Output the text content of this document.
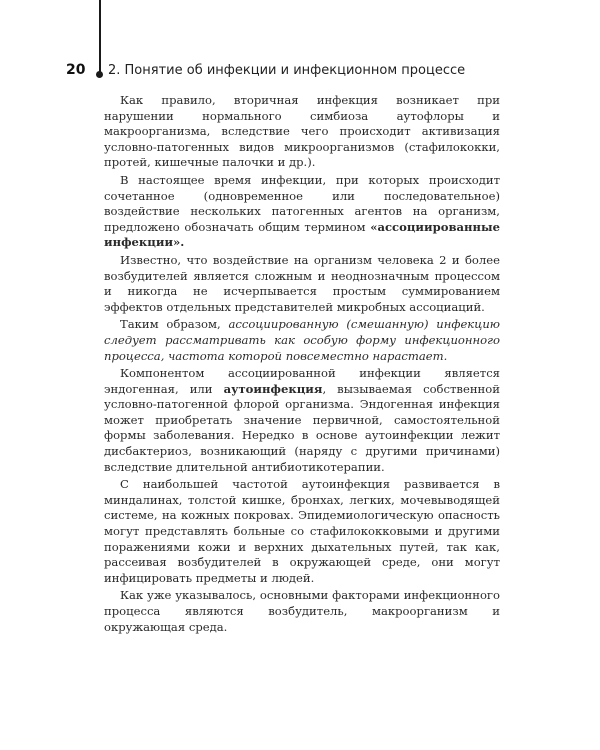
20 2. Понятие об инфекции и инфекционном процессе

Как правило, вторичная инфекция возникает при нарушении нормального симбиоза аутофлоры и макроорганизма, вследствие чего происходит активизация условно-патогенных видов микроорганизмов (стафилококки, протей, кишечные палочки и др.).

В настоящее время инфекции, при которых происходит сочетанное (одновременное или последовательное) воздействие нескольких патогенных агентов на организм, предложено обозначать общим термином «ассоциированные инфекции».

Известно, что воздействие на организм человека 2 и более возбудителей является сложным и неоднозначным процессом и никогда не исчерпывается простым суммированием эффектов отдельных представителей микробных ассоциаций.

Таким образом, ассоциированную (смешанную) инфекцию следует рассматривать как особую форму инфекционного процесса, частота которой повсеместно нарастает.

Компонентом ассоциированной инфекции является эндогенная, или аутоинфекция, вызываемая собственной условно-патогенной флорой организма. Эндогенная инфекция может приобретать значение первичной, самостоятельной формы заболевания. Нередко в основе аутоинфекции лежит дисбактериоз, возникающий (наряду с другими причинами) вследствие длительной антибиотикотерапии.

С наибольшей частотой аутоинфекция развивается в миндалинах, толстой кишке, бронхах, легких, мочевыводящей системе, на кожных покровах. Эпидемиологическую опасность могут представлять больные со стафилококковыми и другими поражениями кожи и верхних дыхательных путей, так как, рассеивая возбудителей в окружающей среде, они могут инфицировать предметы и людей.

Как уже указывалось, основными факторами инфекционного процесса являются возбудитель, макроорганизм и окружающая среда.
